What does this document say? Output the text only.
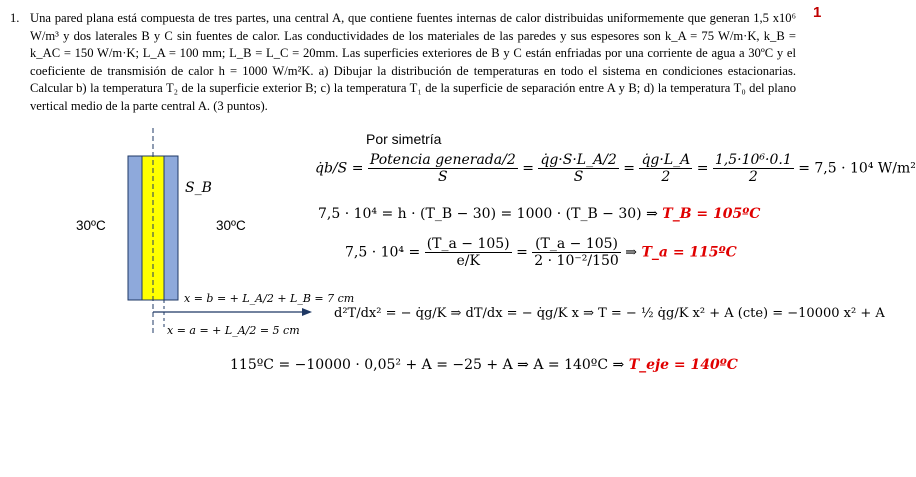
1
1. Una pared plana está compuesta de tres partes, una central A, que contiene fuentes internas de calor distribuidas uniformemente que generan 1,5 x10⁶ W/m³ y dos laterales B y C sin fuentes de calor. Las conductividades de los materiales de las paredes y sus espesores son k_A = 75 W/m·K, k_B = k_AC = 150 W/m·K; L_A = 100 mm; L_B = L_C = 20mm. Las superficies exteriores de B y C están enfriadas por una corriente de agua a 30ºC y el coeficiente de transmisión de calor h = 1000 W/m²K. a) Dibujar la distribución de temperaturas en todo el sistema en condiciones estacionarias. Calcular b) la temperatura T₂ de la superficie exterior B; c) la temperatura T₁ de la superficie de separación entre A y B; d) la temperatura T₀ del plano vertical medio de la parte central A. (3 puntos).
30ºC	30ºC
S_B
x = b = + L_A/2 + L_B = 7 cm
x = a = + L_A/2 = 5 cm
Por simetría
q̇b/S = $\frac{\text{Potencia generada/2}}{S} = \frac{q̇g\cdot S\cdot L\_A/2}{S} = \frac{q̇g\cdot L\_A}{2} = \frac{\text{1,5·10⁶·0.1}}{2} = 7,5 \cdot 10^4$ W/m²
7,5 · 10⁴ = h · (T_B − 30) = 1000 · (T_B − 30) ⇒ T_B = 105ºC
$7,5 \cdot 10^4 = \frac{(T\_a - 105)}{e/K} = \frac{(T\_a - 105)}{\text{2 · 10⁻²/150}}$ ⇒ T_a = 115ºC
d²T/dx² = − q̇g/K ⇒ dT/dx = − q̇g/K x ⇒ T = − ½ q̇g/K x² + A (cte) = −10000 x² + A
115ºC = −10000 · 0,05² + A = −25 + A ⇒ A = 140ºC ⇒ T_eje = 140ºC
